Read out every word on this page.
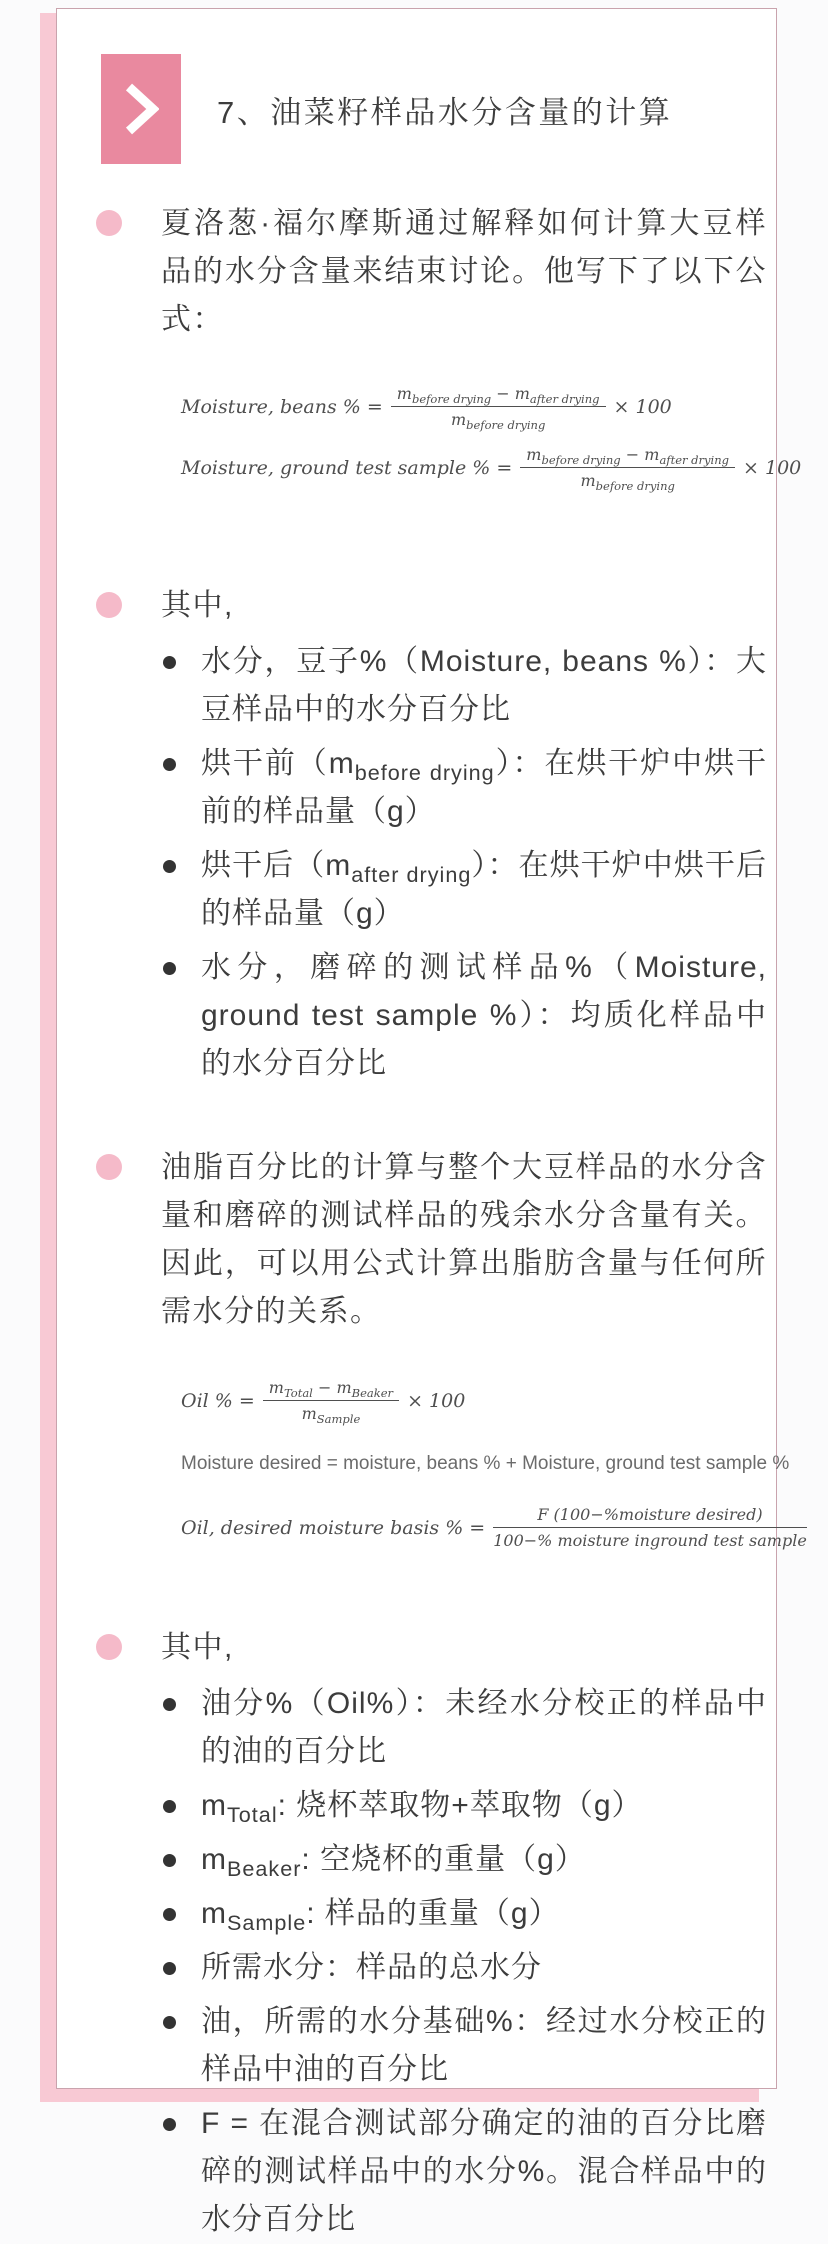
7、油菜籽样品水分含量的计算

夏洛葱·福尔摩斯通过解释如何计算大豆样品的水分含量来结束讨论。他写下了以下公式：

Moisture, beans % = $\frac{m_{before drying} - m_{after drying}}{m_{before drying}} \times 100$
Moisture, ground test sample % = $\frac{m_{before drying} - m_{after drying}}{m_{before drying}} \times 100$

其中,

水分，豆子%（Moisture, beans %）：大豆样品中的水分百分比
烘干前$(m_{before drying})$：在烘干炉中烘干前的样品量（g）
烘干后$(m_{after drying})$：在烘干炉中烘干后的样品量（g）
水分，磨碎的测试样品%（Moisture, ground test sample %）：均质化样品中的水分百分比

油脂百分比的计算与整个大豆样品的水分含量和磨碎的测试样品的残余水分含量有关。因此，可以用公式计算出脂肪含量与任何所需水分的关系。

Oil % = $\frac{m_{Total} - m_{Beaker}}{m_{Sample}} \times 100$
Moisture desired = moisture, beans % + Moisture, ground test sample %
Oil, desired moisture basis % = $\frac{\text{F (100−\%moisture desired)}}{\text{100−\% moisture inground test sample}}$

其中,

油分%（Oil%）：未经水分校正的样品中的油的百分比
$m_{Total}$: 烧杯萃取物+萃取物（g）
$m_{Beaker}$: 空烧杯的重量（g）
$m_{Sample}$: 样品的重量（g）
所需水分：样品的总水分
油，所需的水分基础%：经过水分校正的样品中油的百分比
F = 在混合测试部分确定的油的百分比磨碎的测试样品中的水分%。混合样品中的水分百分比
